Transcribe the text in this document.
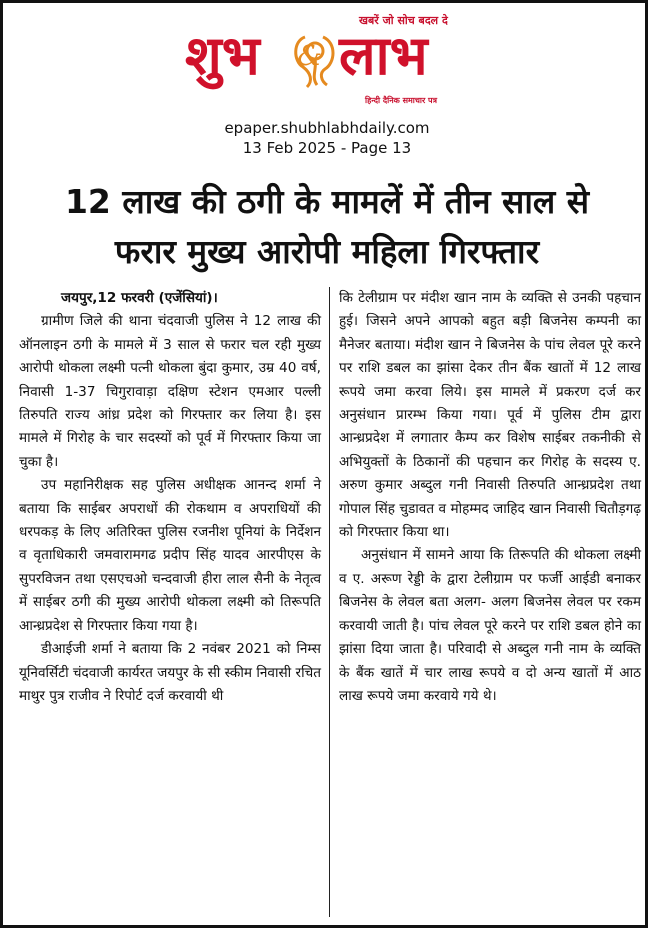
खबरें जो सोच बदल दे
शुभ & लाभ
हिन्दी दैनिक समाचार पत्र
epaper.shubhlabhdaily.com
13 Feb 2025 - Page 13
12 लाख की ठगी के मामलें में तीन साल से
फरार मुख्य आरोपी महिला गिरफ्तार
जयपुर,12 फरवरी (एजेंसियां)।

ग्रामीण जिले की थाना चंदवाजी पुलिस ने 12 लाख की ऑनलाइन ठगी के मामले में 3 साल से फरार चल रही मुख्य आरोपी थोकला लक्ष्मी पत्नी थोकला बुंदा कुमार, उम्र 40 वर्ष, निवासी 1-37 चिगुरावाड़ा दक्षिण स्टेशन एमआर पल्ली तिरुपति राज्य आंध्र प्रदेश को गिरफ्तार कर लिया है। इस मामले में गिरोह के चार सदस्यों को पूर्व में गिरफ्तार किया जा चुका है।

उप महानिरीक्षक सह पुलिस अधीक्षक आनन्द शर्मा ने बताया कि साईबर अपराधों की रोकथाम व अपराधियों की धरपकड़ के लिए अतिरिक्त पुलिस रजनीश पूनियां के निर्देशन व वृताधिकारी जमवारामगढ प्रदीप सिंह यादव आरपीएस के सुपरविजन तथा एसएचओ चन्दवाजी हीरा लाल सैनी के नेतृत्व में साईबर ठगी की मुख्य आरोपी थोकला लक्ष्मी को तिरूपति आन्ध्रप्रदेश से गिरफ्तार किया गया है।

डीआईजी शर्मा ने बताया कि 2 नवंबर 2021 को निम्स यूनिवर्सिटी चंदवाजी कार्यरत जयपुर के सी स्कीम निवासी रचित माथुर पुत्र राजीव ने रिपोर्ट दर्ज करवायी थी

कि टेलीग्राम पर मंदीश खान नाम के व्यक्ति से उनकी पहचान हुई। जिसने अपने आपको बहुत बड़ी बिजनेस कम्पनी का मैनेजर बताया। मंदीश खान ने बिजनेस के पांच लेवल पूरे करने पर राशि डबल का झांसा देकर तीन बैंक खातों में 12 लाख रूपये जमा करवा लिये। इस मामले में प्रकरण दर्ज कर अनुसंधान प्रारम्भ किया गया। पूर्व में पुलिस टीम द्वारा आन्ध्रप्रदेश में लगातार कैम्प कर विशेष साईबर तकनीकी से अभियुक्तों के ठिकानों की पहचान कर गिरोह के सदस्य ए. अरुण कुमार अब्दुल गनी निवासी तिरुपति आन्ध्रप्रदेश तथा गोपाल सिंह चुडावत व मोहम्मद जाहिद खान निवासी चितौड़गढ़ को गिरफ्तार किया था।

अनुसंधान में सामने आया कि तिरूपति की थोकला लक्ष्मी व ए. अरूण रेड्डी के द्वारा टेलीग्राम पर फर्जी आईडी बनाकर बिजनेस के लेवल बता अलग- अलग बिजनेस लेवल पर रकम करवायी जाती है। पांच लेवल पूरे करने पर राशि डबल होने का झांसा दिया जाता है। परिवादी से अब्दुल गनी नाम के व्यक्ति के बैंक खातें में चार लाख रूपये व दो अन्य खातों में आठ लाख रूपये जमा करवाये गये थे।
